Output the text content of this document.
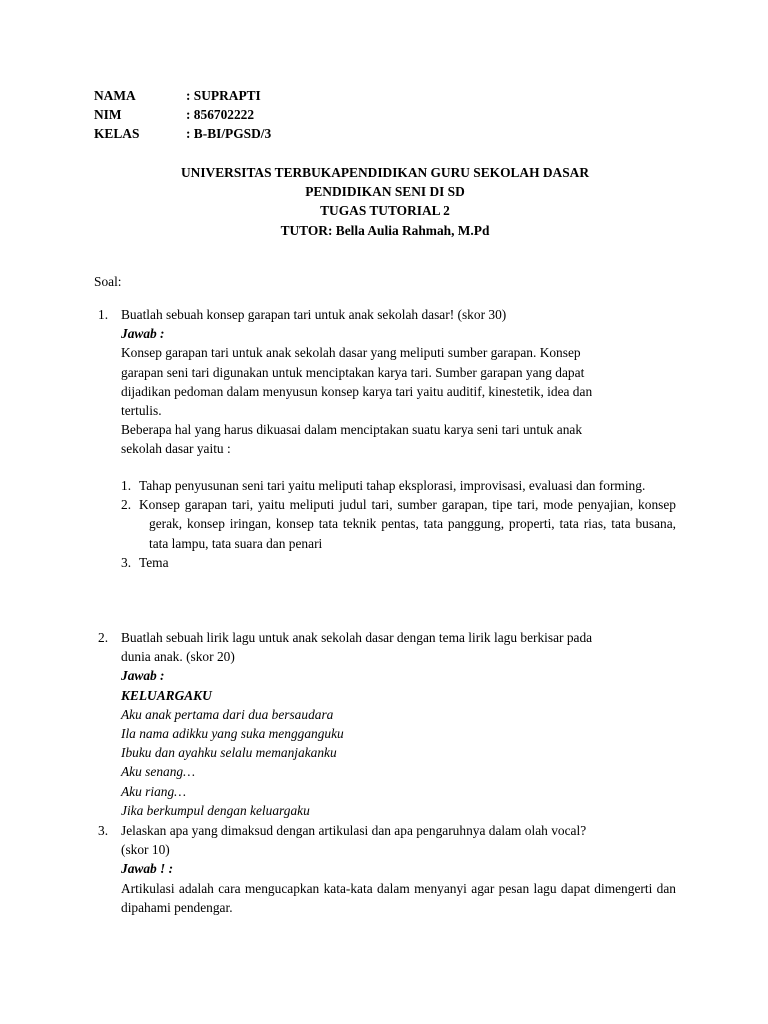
NAMA	: SUPRAPTI
NIM	: 856702222
KELAS	: B-BI/PGSD/3
UNIVERSITAS TERBUKAPENDIDIKAN GURU SEKOLAH DASAR
PENDIDIKAN SENI DI SD
TUGAS TUTORIAL 2
TUTOR: Bella Aulia Rahmah, M.Pd
Soal:
1. Buatlah sebuah konsep garapan tari untuk anak sekolah dasar! (skor 30)
Jawab :
Konsep garapan tari untuk anak sekolah dasar yang meliputi sumber garapan. Konsep
garapan seni tari digunakan untuk menciptakan karya tari. Sumber garapan yang dapat
dijadikan pedoman dalam menyusun konsep karya tari yaitu auditif, kinestetik, idea dan
tertulis.
Beberapa hal yang harus dikuasai dalam menciptakan suatu karya seni tari untuk anak
sekolah dasar yaitu :
1. Tahap penyusunan seni tari yaitu meliputi tahap eksplorasi, improvisasi, evaluasi dan forming.
2. Konsep garapan tari, yaitu meliputi judul tari, sumber garapan, tipe tari, mode penyajian, konsep gerak, konsep iringan, konsep tata teknik pentas, tata panggung, properti, tata rias, tata busana, tata lampu, tata suara dan penari
3. Tema
2. Buatlah sebuah lirik lagu untuk anak sekolah dasar dengan tema lirik lagu berkisar pada
dunia anak. (skor 20)
Jawab :
KELUARGAKU
Aku anak pertama dari dua bersaudara
Ila nama adikku yang suka mengganguku
Ibuku dan ayahku selalu memanjakanku
Aku senang…
Aku riang…
Jika berkumpul dengan keluargaku
3. Jelaskan apa yang dimaksud dengan artikulasi dan apa pengaruhnya dalam olah vocal?
(skor 10)
Jawab ! :
Artikulasi adalah cara mengucapkan kata-kata dalam menyanyi agar pesan lagu dapat dimengerti dan dipahami pendengar.
